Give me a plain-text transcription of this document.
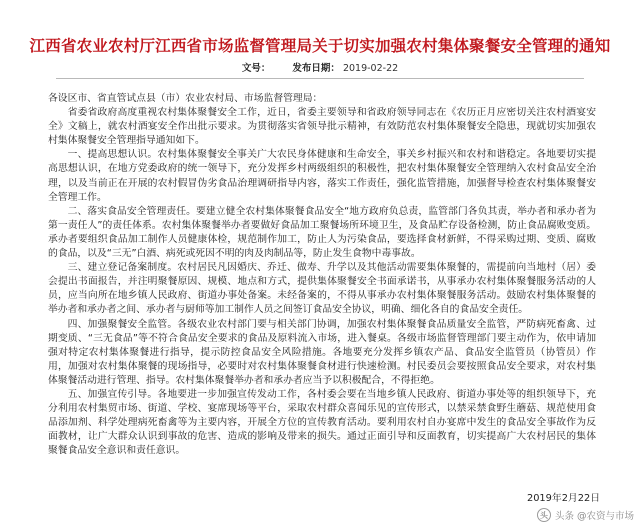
江西省农业农村厅江西省市场监督管理局关于切实加强农村集体聚餐安全管理的通知
文号： 发布日期： 2019-02-22

各设区市、省直管试点县（市）农业农村局、市场监督管理局：

省委省政府高度重视农村集体聚餐安全工作，近日，省委主要领导和省政府领导同志在《农历正月应密切关注农村酒宴安全》文稿上，就农村酒宴安全作出批示要求。为贯彻落实省领导批示精神，有效防范农村集体聚餐安全隐患，现就切实加强农村集体聚餐安全管理指导通知如下。

一、提高思想认识。农村集体聚餐安全事关广大农民身体健康和生命安全，事关乡村振兴和农村和谐稳定。各地要切实提高思想认识，在地方党委政府的统一领导下，充分发挥乡村两级组织的积极性，把农村集体聚餐安全管理纳入农村食品安全治理，以及当前正在开展的农村假冒伪劣食品治理调研指导内容，落实工作责任，强化监管措施，加强督导检查农村集体聚餐安全管理工作。

二、落实食品安全管理责任。要建立健全农村集体聚餐食品安全“地方政府负总责，监管部门各负其责，举办者和承办者为第一责任人”的责任体系。农村集体聚餐举办者要做好食品加工聚餐场所环境卫生，及食品贮存设备检测，防止食品腐败变质。承办者要组织食品加工制作人员健康体检，规范制作加工，防止人为污染食品，要选择食材新鲜，不得采购过期、变质、腐败的食品，以及“三无”白酒、病死或死因不明的肉及肉制品等，防止发生食物中毒事故。

三、建立登记备案制度。农村居民凡因婚庆、乔迁、做寿、升学以及其他活动需要集体聚餐的，需提前向当地村（居）委会提出书面报告，并注明聚餐原因、规模、地点和方式，提供集体聚餐安全书面承诺书，从事承办农村集体聚餐服务活动的人员，应当向所在地乡镇人民政府、街道办事处备案。未经备案的，不得从事承办农村集体聚餐服务活动。鼓励农村集体聚餐的举办者和承办者之间、承办者与厨师等加工制作人员之间签订食品安全协议，明确、细化各自的食品安全责任。

四、加强聚餐安全监管。各级农业农村部门要与相关部门协调，加强农村集体聚餐食品质量安全监管，严防病死畜禽、过期变质、“三无食品”等不符合食品安全要求的食品及原料流入市场，进入餐桌。各级市场监督管理部门要主动作为，依申请加强对特定农村集体聚餐进行指导，提示防控食品安全风险措施。各地要充分发挥乡镇农产品、食品安全监管员（协管员）作用，加强对农村集体聚餐的现场指导，必要时对农村集体聚餐食材进行快速检测。村民委员会要按照食品安全要求，对农村集体聚餐活动进行管理、指导。农村集体聚餐举办者和承办者应当予以积极配合，不得拒绝。

五、加强宣传引导。各地要进一步加强宣传发动工作，各村委会要在当地乡镇人民政府、街道办事处等的组织领导下，充分利用农村集贸市场、街道、学校、宴席现场等平台，采取农村群众喜闻乐见的宣传形式，以禁采禁食野生蘑菇、规范使用食品添加剂、科学处理病死畜禽等为主要内容，开展全方位的宣传教育活动。要利用农村自办宴席中发生的食品安全事故作为反面教材，让广大群众认识到事故的危害、造成的影响及带来的损失。通过正面引导和反面教育，切实提高广大农村居民的集体聚餐食品安全意识和责任意识。

2019年2月22日
头 头条 @农资与市场
